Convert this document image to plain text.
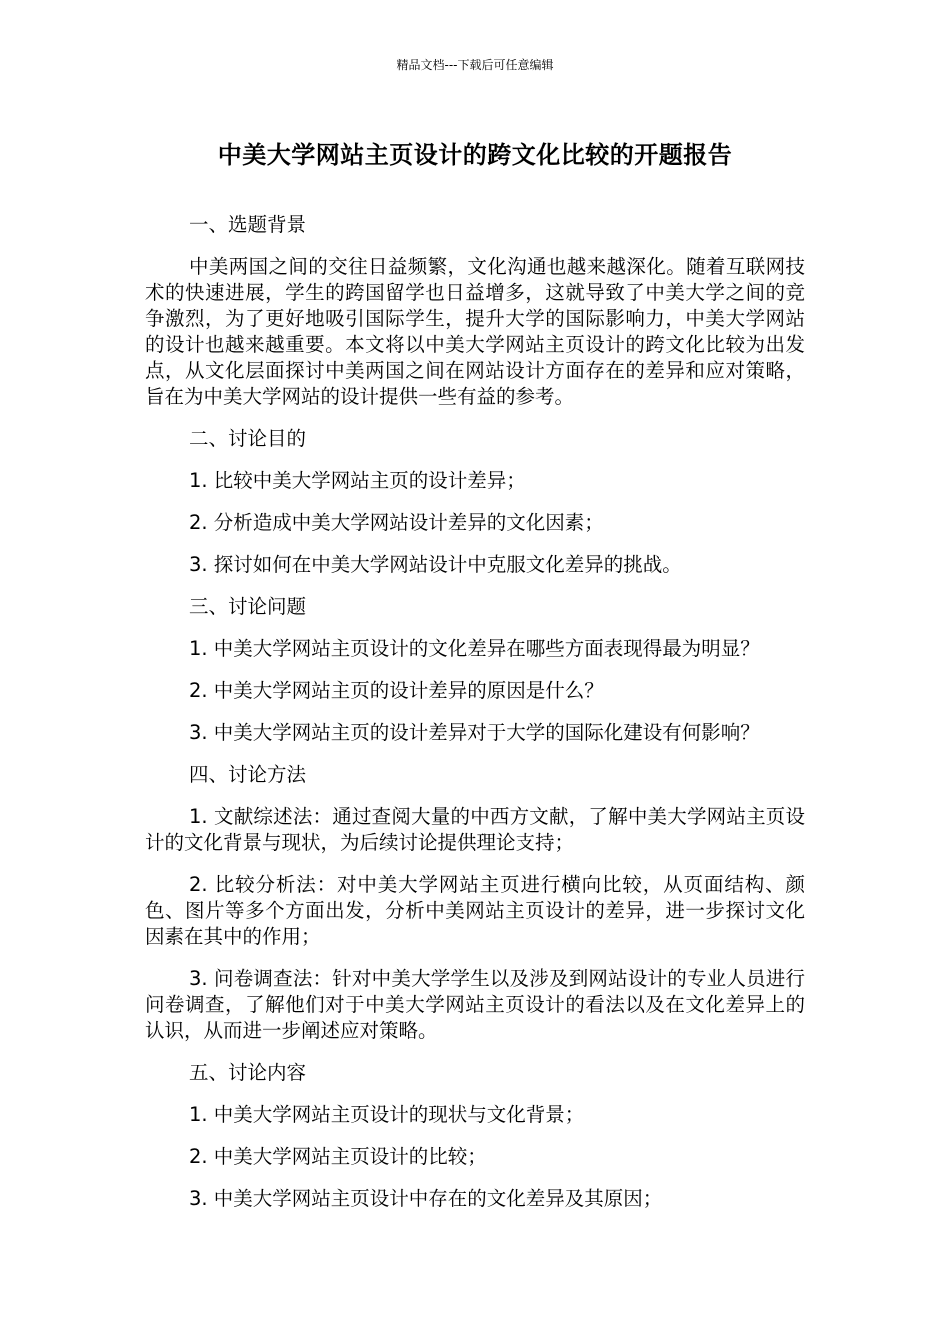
精品文档---下载后可任意编辑
中美大学网站主页设计的跨文化比较的开题报告

一、选题背景

中美两国之间的交往日益频繁，文化沟通也越来越深化。随着互联网技术的快速进展，学生的跨国留学也日益增多，这就导致了中美大学之间的竞争激烈，为了更好地吸引国际学生，提升大学的国际影响力，中美大学网站的设计也越来越重要。本文将以中美大学网站主页设计的跨文化比较为出发点，从文化层面探讨中美两国之间在网站设计方面存在的差异和应对策略，旨在为中美大学网站的设计提供一些有益的参考。

二、讨论目的

1. 比较中美大学网站主页的设计差异；

2. 分析造成中美大学网站设计差异的文化因素；

3. 探讨如何在中美大学网站设计中克服文化差异的挑战。

三、讨论问题

1. 中美大学网站主页设计的文化差异在哪些方面表现得最为明显？

2. 中美大学网站主页的设计差异的原因是什么？

3. 中美大学网站主页的设计差异对于大学的国际化建设有何影响？

四、讨论方法

1. 文献综述法：通过查阅大量的中西方文献，了解中美大学网站主页设计的文化背景与现状，为后续讨论提供理论支持；

2. 比较分析法：对中美大学网站主页进行横向比较，从页面结构、颜色、图片等多个方面出发，分析中美网站主页设计的差异，进一步探讨文化因素在其中的作用；

3. 问卷调查法：针对中美大学学生以及涉及到网站设计的专业人员进行问卷调查，了解他们对于中美大学网站主页设计的看法以及在文化差异上的认识，从而进一步阐述应对策略。

五、讨论内容

1. 中美大学网站主页设计的现状与文化背景；

2. 中美大学网站主页设计的比较；

3. 中美大学网站主页设计中存在的文化差异及其原因；
